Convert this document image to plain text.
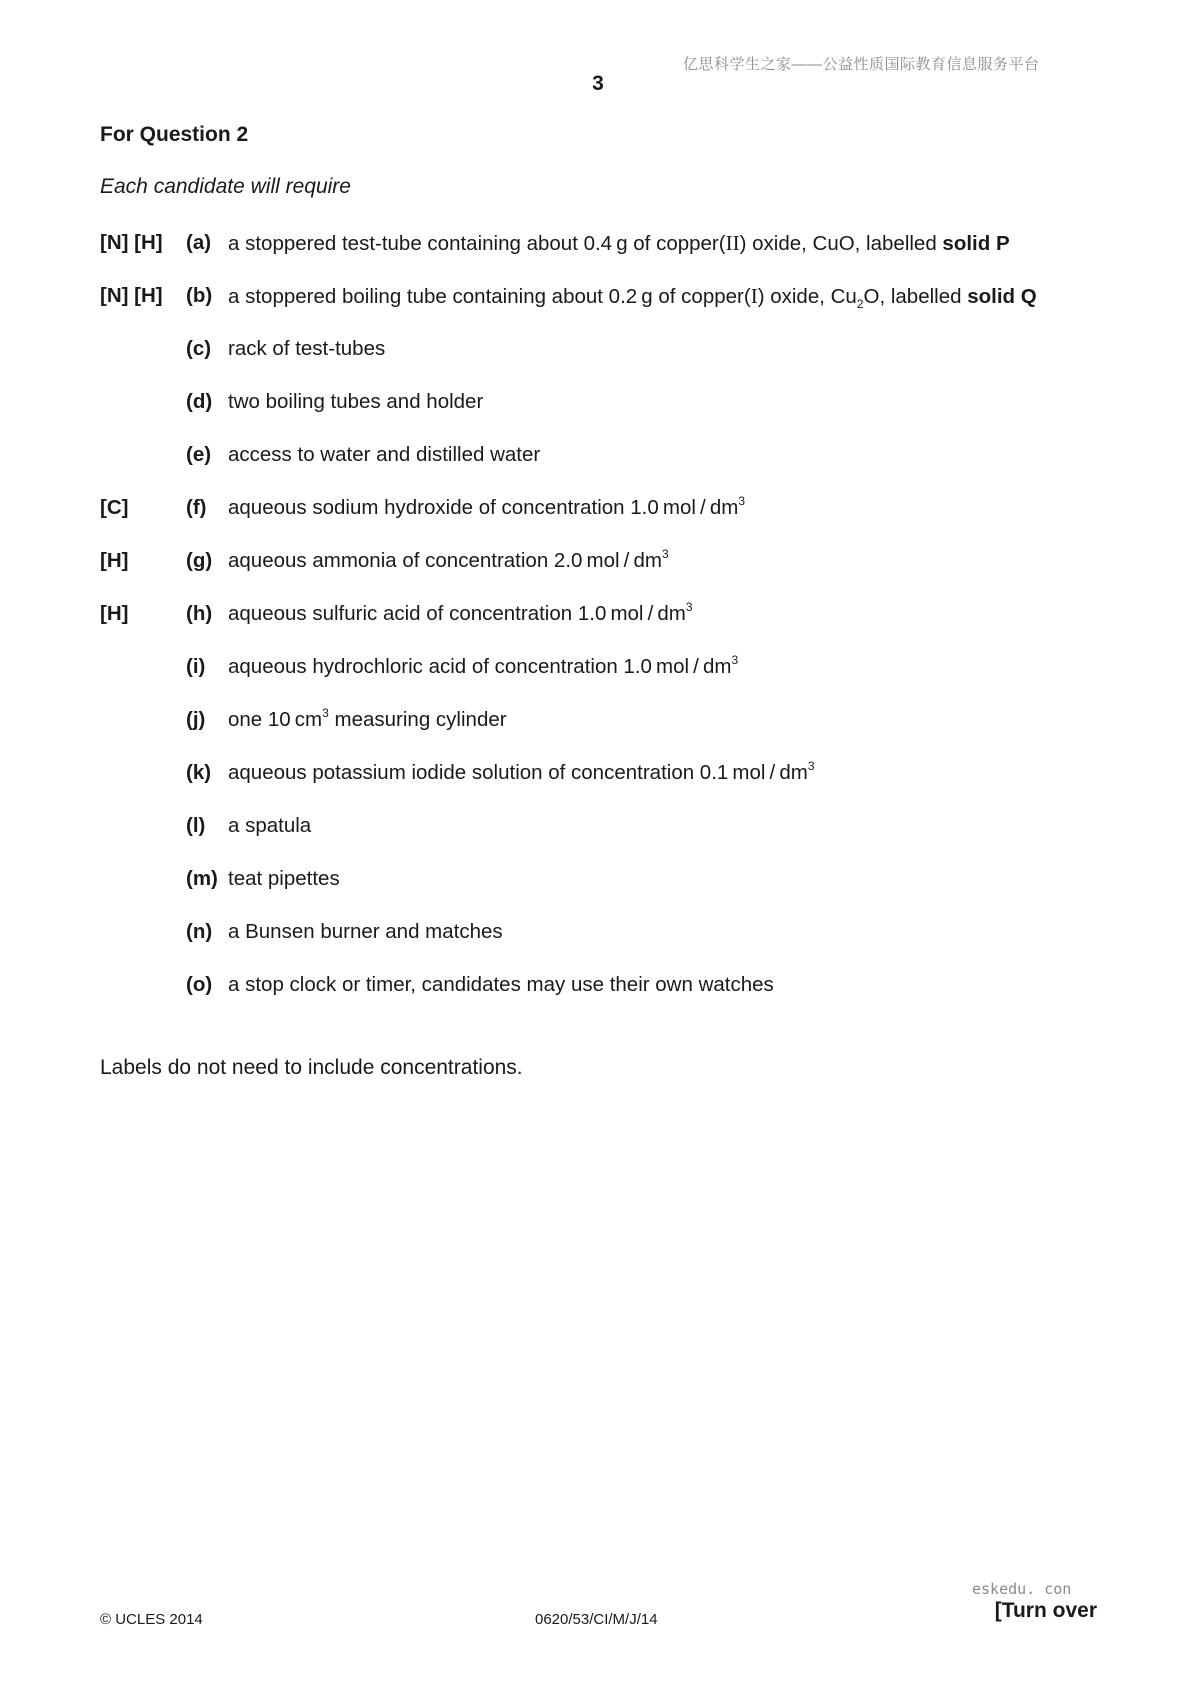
亿思科学生之家——公益性质国际教育信息服务平台
3
For Question 2
Each candidate will require
[N] [H] (a) a stoppered test-tube containing about 0.4 g of copper(II) oxide, CuO, labelled solid P
[N] [H] (b) a stoppered boiling tube containing about 0.2 g of copper(I) oxide, $Cu_2O$, labelled solid Q
(c) rack of test-tubes
(d) two boiling tubes and holder
(e) access to water and distilled water
[C]	(f) aqueous sodium hydroxide of concentration 1.0 mol / $dm^3$
[H]	(g) aqueous ammonia of concentration 2.0 mol / $dm^3$
[H]	(h) aqueous sulfuric acid of concentration 1.0 mol / $dm^3$
(i) aqueous hydrochloric acid of concentration 1.0 mol / $dm^3$
(j) one 10 $cm^3$ measuring cylinder
(k) aqueous potassium iodide solution of concentration 0.1 mol / $dm^3$
(l) a spatula
(m) teat pipettes
(n) a Bunsen burner and matches
(o) a stop clock or timer, candidates may use their own watches
Labels do not need to include concentrations.
© UCLES 2014	0620/53/CI/M/J/14
eskedu. con
[Turn over
